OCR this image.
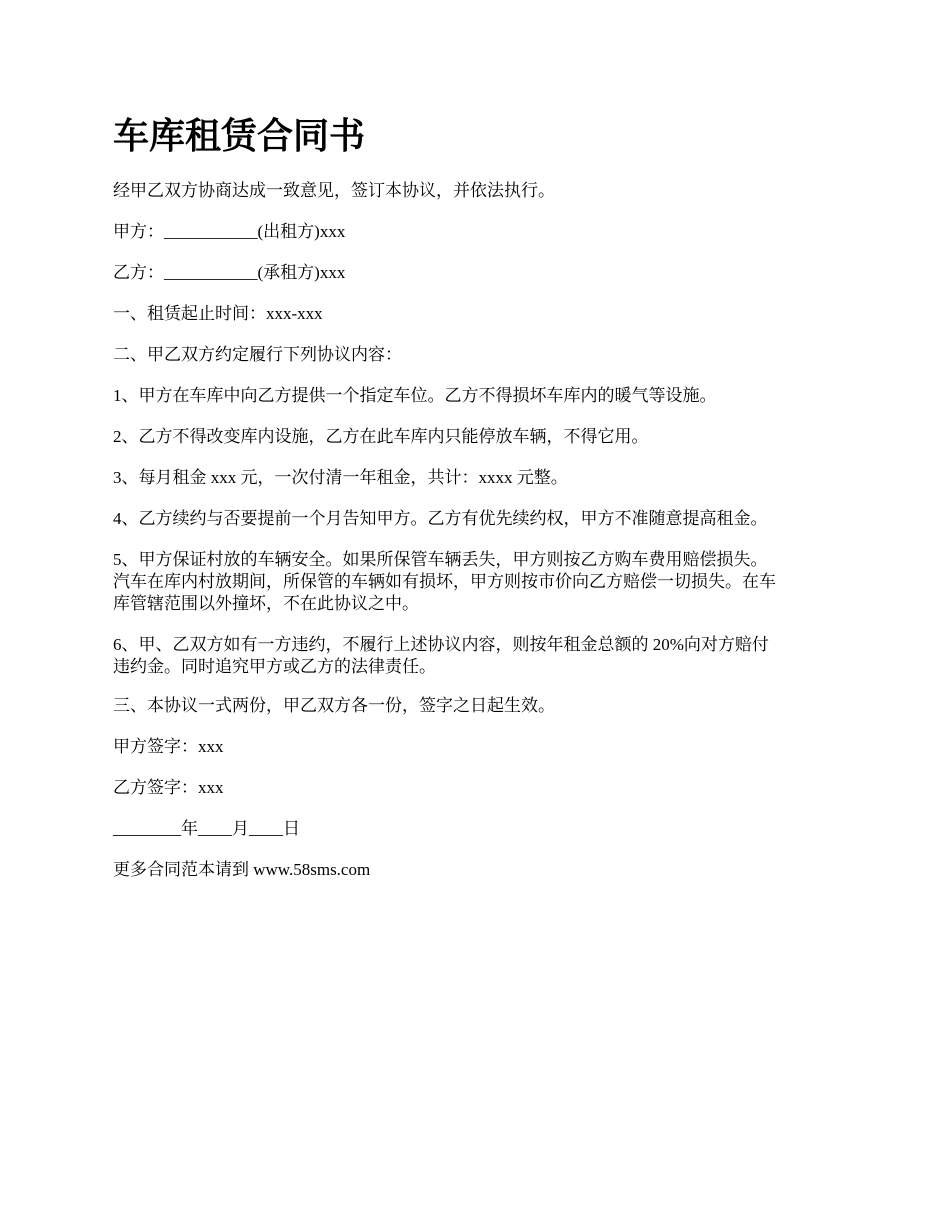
车库租赁合同书
经甲乙双方协商达成一致意见，签订本协议，并依法执行。
甲方：___________(出租方)xxx
乙方：___________(承租方)xxx
一、租赁起止时间：xxx-xxx
二、甲乙双方约定履行下列协议内容：
1、甲方在车库中向乙方提供一个指定车位。乙方不得损坏车库内的暖气等设施。
2、乙方不得改变库内设施，乙方在此车库内只能停放车辆，不得它用。
3、每月租金 xxx 元，一次付清一年租金，共计：xxxx 元整。
4、乙方续约与否要提前一个月告知甲方。乙方有优先续约权，甲方不准随意提高租金。
5、甲方保证村放的车辆安全。如果所保管车辆丢失，甲方则按乙方购车费用赔偿损失。
汽车在库内村放期间，所保管的车辆如有损坏，甲方则按市价向乙方赔偿一切损失。在车
库管辖范围以外撞坏，不在此协议之中。
6、甲、乙双方如有一方违约，不履行上述协议内容，则按年租金总额的 20%向对方赔付
违约金。同时追究甲方或乙方的法律责任。
三、本协议一式两份，甲乙双方各一份，签字之日起生效。
甲方签字：xxx
乙方签字：xxx
________年____月____日
更多合同范本请到 www.58sms.com
